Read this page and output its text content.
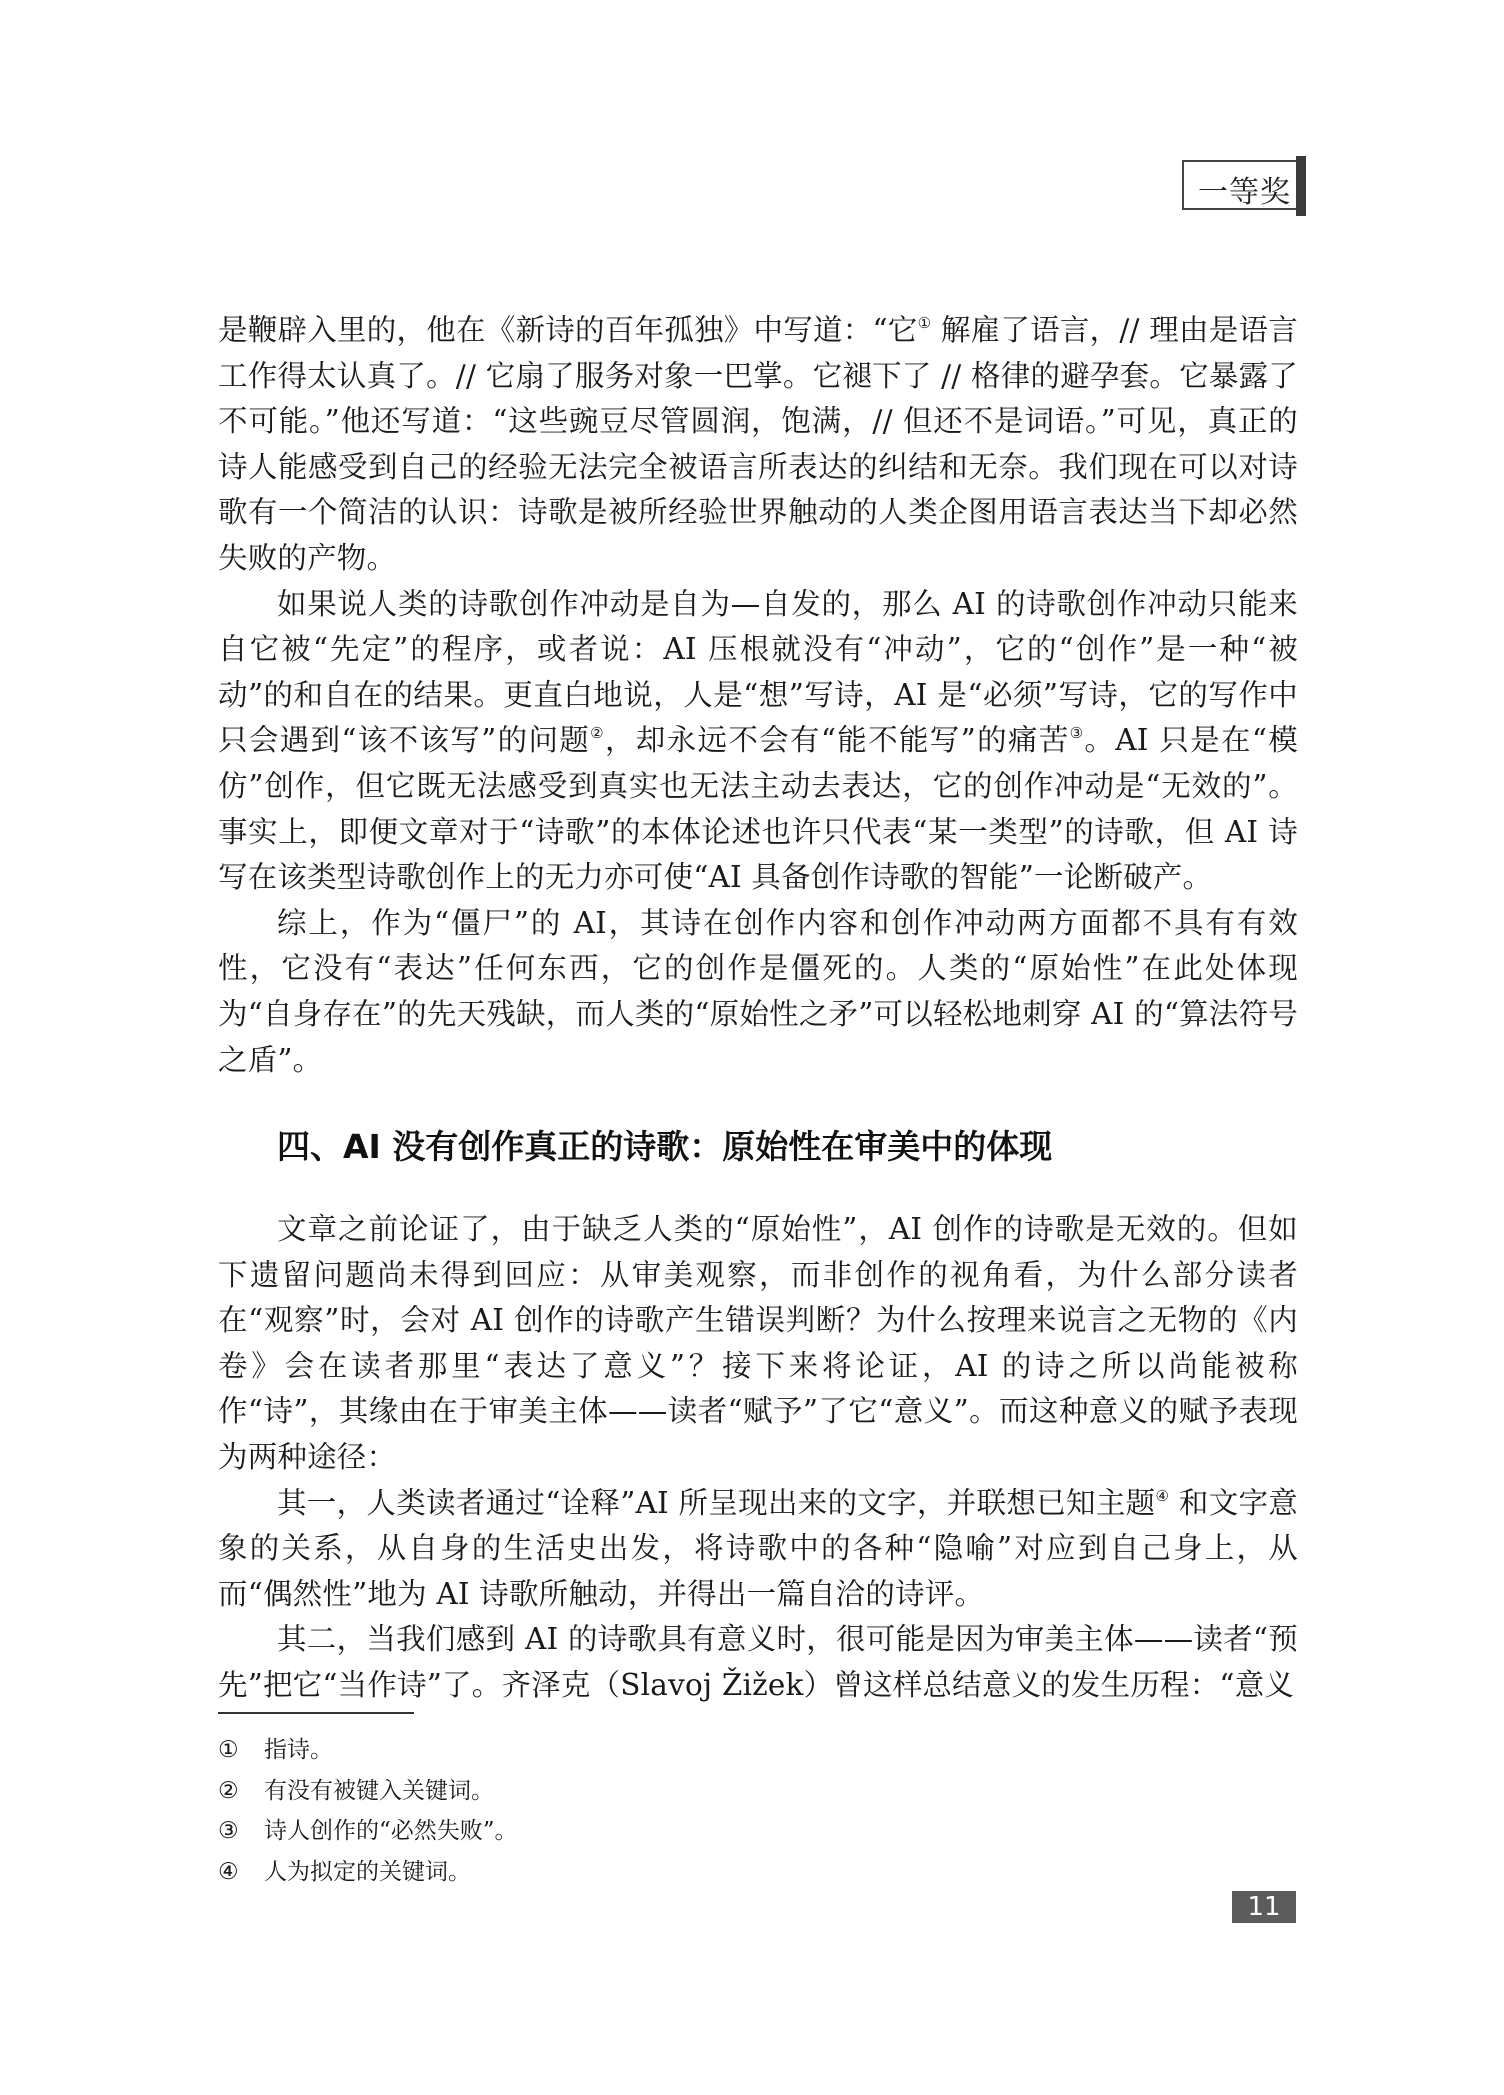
一等奖

是鞭辟入里的，他在《新诗的百年孤独》中写道：“它① 解雇了语言，// 理由是语言工作得太认真了。// 它扇了服务对象一巴掌。它褪下了 // 格律的避孕套。它暴露了不可能。”他还写道：“这些豌豆尽管圆润，饱满，// 但还不是词语。”可见，真正的诗人能感受到自己的经验无法完全被语言所表达的纠结和无奈。我们现在可以对诗歌有一个简洁的认识：诗歌是被所经验世界触动的人类企图用语言表达当下却必然失败的产物。

如果说人类的诗歌创作冲动是自为—自发的，那么 AI 的诗歌创作冲动只能来自它被“先定”的程序，或者说：AI 压根就没有“冲动”，它的“创作”是一种“被动”的和自在的结果。更直白地说，人是“想”写诗，AI 是“必须”写诗，它的写作中只会遇到“该不该写”的问题②，却永远不会有“能不能写”的痛苦③。AI 只是在“模仿”创作，但它既无法感受到真实也无法主动去表达，它的创作冲动是“无效的”。事实上，即便文章对于“诗歌”的本体论述也许只代表“某一类型”的诗歌，但 AI 诗写在该类型诗歌创作上的无力亦可使“AI 具备创作诗歌的智能”一论断破产。

综上，作为“僵尸”的 AI，其诗在创作内容和创作冲动两方面都不具有有效性，它没有“表达”任何东西，它的创作是僵死的。人类的“原始性”在此处体现为“自身存在”的先天残缺，而人类的“原始性之矛”可以轻松地刺穿 AI 的“算法符号之盾”。

四、AI 没有创作真正的诗歌：原始性在审美中的体现

文章之前论证了，由于缺乏人类的“原始性”，AI 创作的诗歌是无效的。但如下遗留问题尚未得到回应：从审美观察，而非创作的视角看，为什么部分读者在“观察”时，会对 AI 创作的诗歌产生错误判断？为什么按理来说言之无物的《内卷》会在读者那里“表达了意义”？接下来将论证，AI 的诗之所以尚能被称作“诗”，其缘由在于审美主体——读者“赋予”了它“意义”。而这种意义的赋予表现为两种途径：

其一，人类读者通过“诠释”AI 所呈现出来的文字，并联想已知主题④ 和文字意象的关系，从自身的生活史出发，将诗歌中的各种“隐喻”对应到自己身上，从而“偶然性”地为 AI 诗歌所触动，并得出一篇自洽的诗评。

其二，当我们感到 AI 的诗歌具有意义时，很可能是因为审美主体——读者“预先”把它“当作诗”了。齐泽克（Slavoj Žižek）曾这样总结意义的发生历程：“意义

①	指诗。

②	有没有被键入关键词。

③	诗人创作的“必然失败”。

④	人为拟定的关键词。

11
